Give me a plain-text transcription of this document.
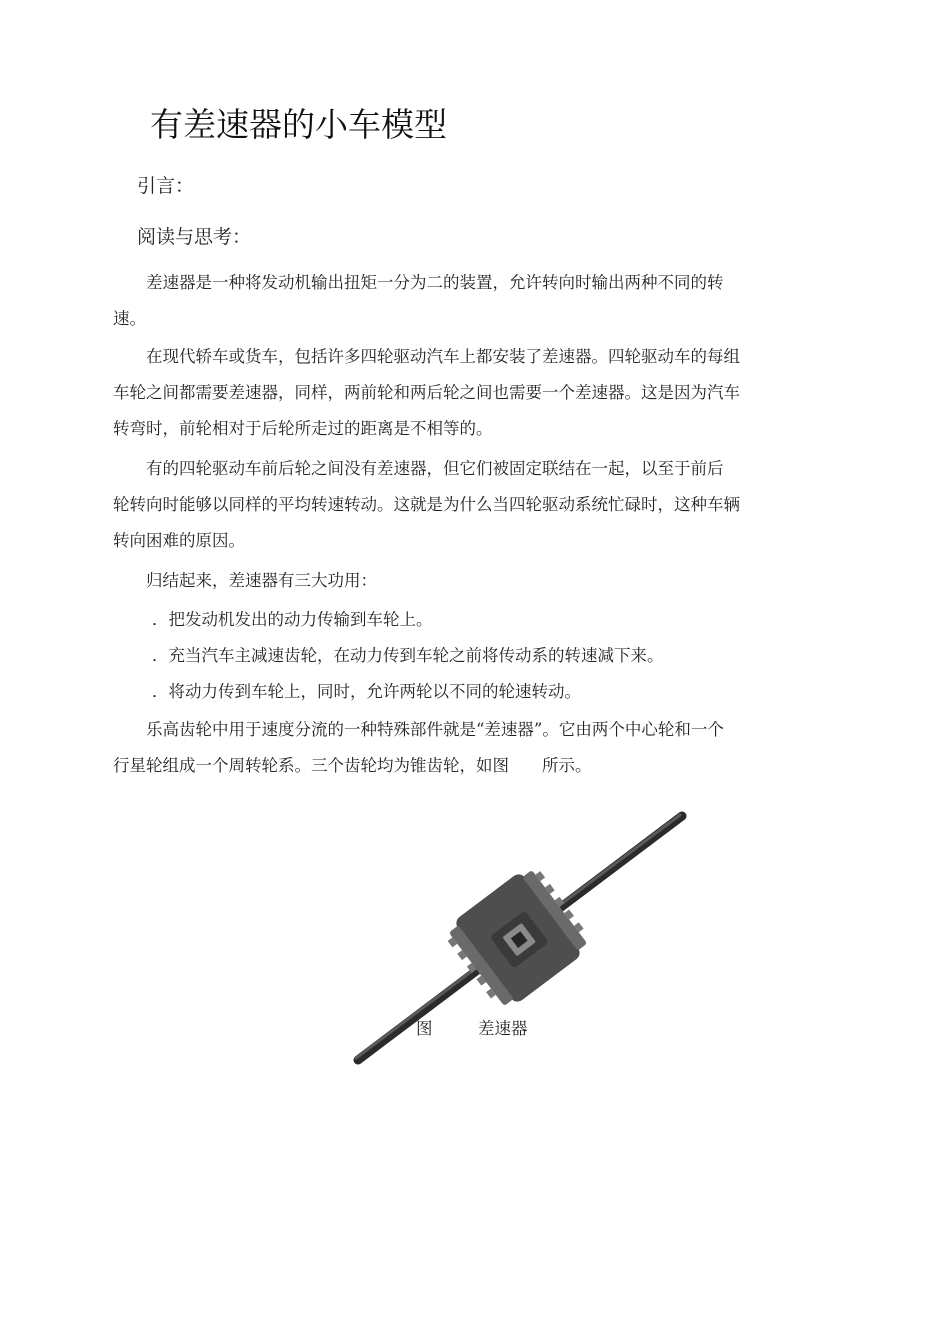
有差速器的小车模型
引言：
阅读与思考：
差速器是一种将发动机输出扭矩一分为二的装置，允许转向时输出两种不同的转
速。
在现代轿车或货车，包括许多四轮驱动汽车上都安装了差速器。四轮驱动车的每组
车轮之间都需要差速器，同样，两前轮和两后轮之间也需要一个差速器。这是因为汽车
转弯时，前轮相对于后轮所走过的距离是不相等的。
有的四轮驱动车前后轮之间没有差速器，但它们被固定联结在一起，以至于前后
轮转向时能够以同样的平均转速转动。这就是为什么当四轮驱动系统忙碌时，这种车辆
转向困难的原因。
归结起来，差速器有三大功用：
．把发动机发出的动力传输到车轮上。
．充当汽车主减速齿轮，在动力传到车轮之前将传动系的转速减下来。
．将动力传到车轮上，同时，允许两轮以不同的轮速转动。
乐高齿轮中用于速度分流的一种特殊部件就是“差速器”。它由两个中心轮和一个
行星轮组成一个周转轮系。三个齿轮均为锥齿轮，如图　　所示。
图	差速器
